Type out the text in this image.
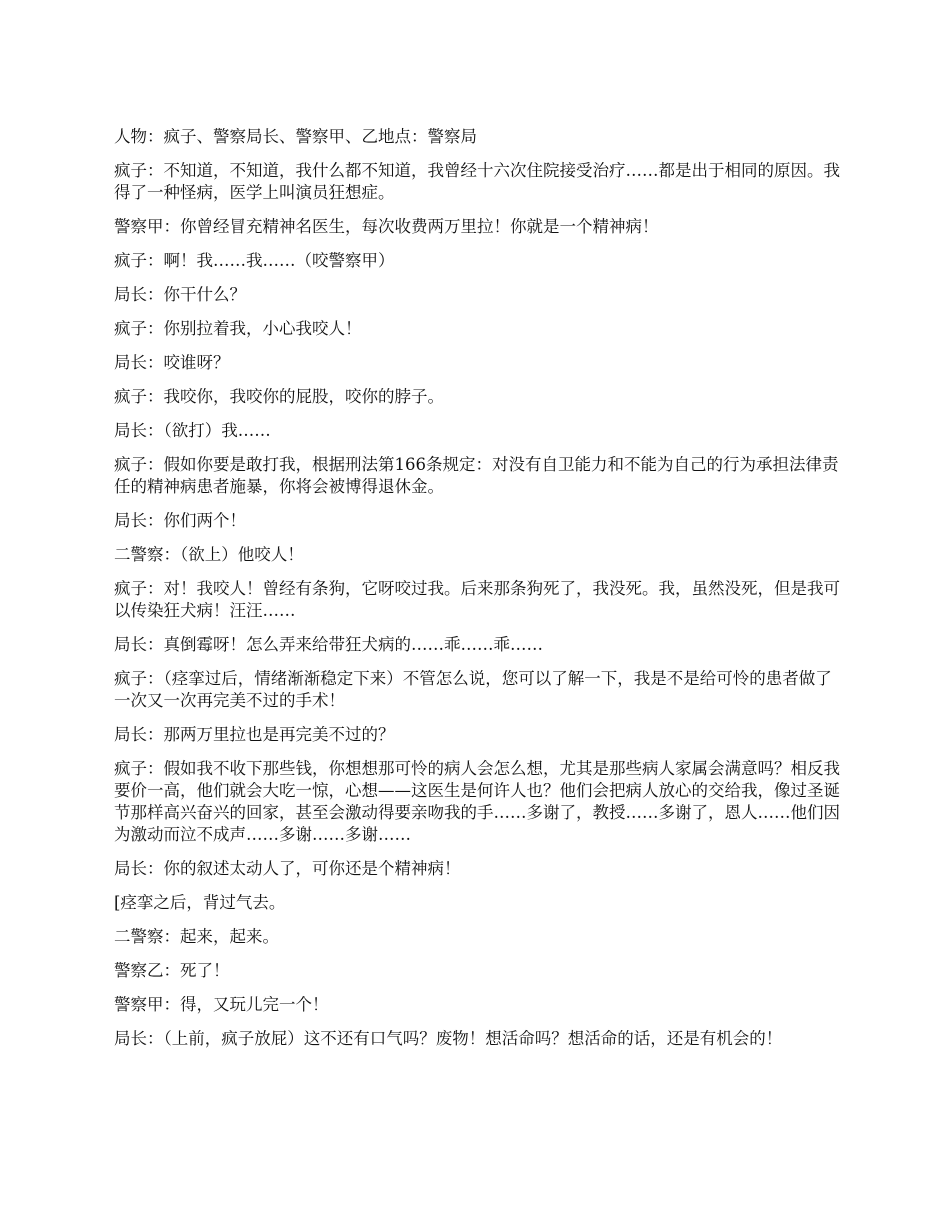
人物：疯子、警察局长、警察甲、乙地点：警察局

疯子：不知道，不知道，我什么都不知道，我曾经十六次住院接受治疗……都是出于相同的原因。我得了一种怪病，医学上叫演员狂想症。

警察甲：你曾经冒充精神名医生，每次收费两万里拉！你就是一个精神病！

疯子：啊！我……我……（咬警察甲）

局长：你干什么？

疯子：你别拉着我，小心我咬人！

局长：咬谁呀？

疯子：我咬你，我咬你的屁股，咬你的脖子。

局长：（欲打）我……

疯子：假如你要是敢打我，根据刑法第166条规定：对没有自卫能力和不能为自己的行为承担法律责任的精神病患者施暴，你将会被博得退休金。

局长：你们两个！

二警察：（欲上）他咬人！

疯子：对！我咬人！曾经有条狗，它呀咬过我。后来那条狗死了，我没死。我，虽然没死，但是我可以传染狂犬病！汪汪……

局长：真倒霉呀！怎么弄来给带狂犬病的……乖……乖……

疯子：（痉挛过后，情绪渐渐稳定下来）不管怎么说，您可以了解一下，我是不是给可怜的患者做了一次又一次再完美不过的手术！

局长：那两万里拉也是再完美不过的？

疯子：假如我不收下那些钱，你想想那可怜的病人会怎么想，尤其是那些病人家属会满意吗？相反我要价一高，他们就会大吃一惊，心想——这医生是何许人也？他们会把病人放心的交给我，像过圣诞节那样高兴奋兴的回家，甚至会激动得要亲吻我的手……多谢了，教授……多谢了，恩人……他们因为激动而泣不成声……多谢……多谢……

局长：你的叙述太动人了，可你还是个精神病！

[痉挛之后，背过气去。

二警察：起来，起来。

警察乙：死了！

警察甲：得，又玩儿完一个！

局长：（上前，疯子放屁）这不还有口气吗？废物！想活命吗？想活命的话，还是有机会的！
